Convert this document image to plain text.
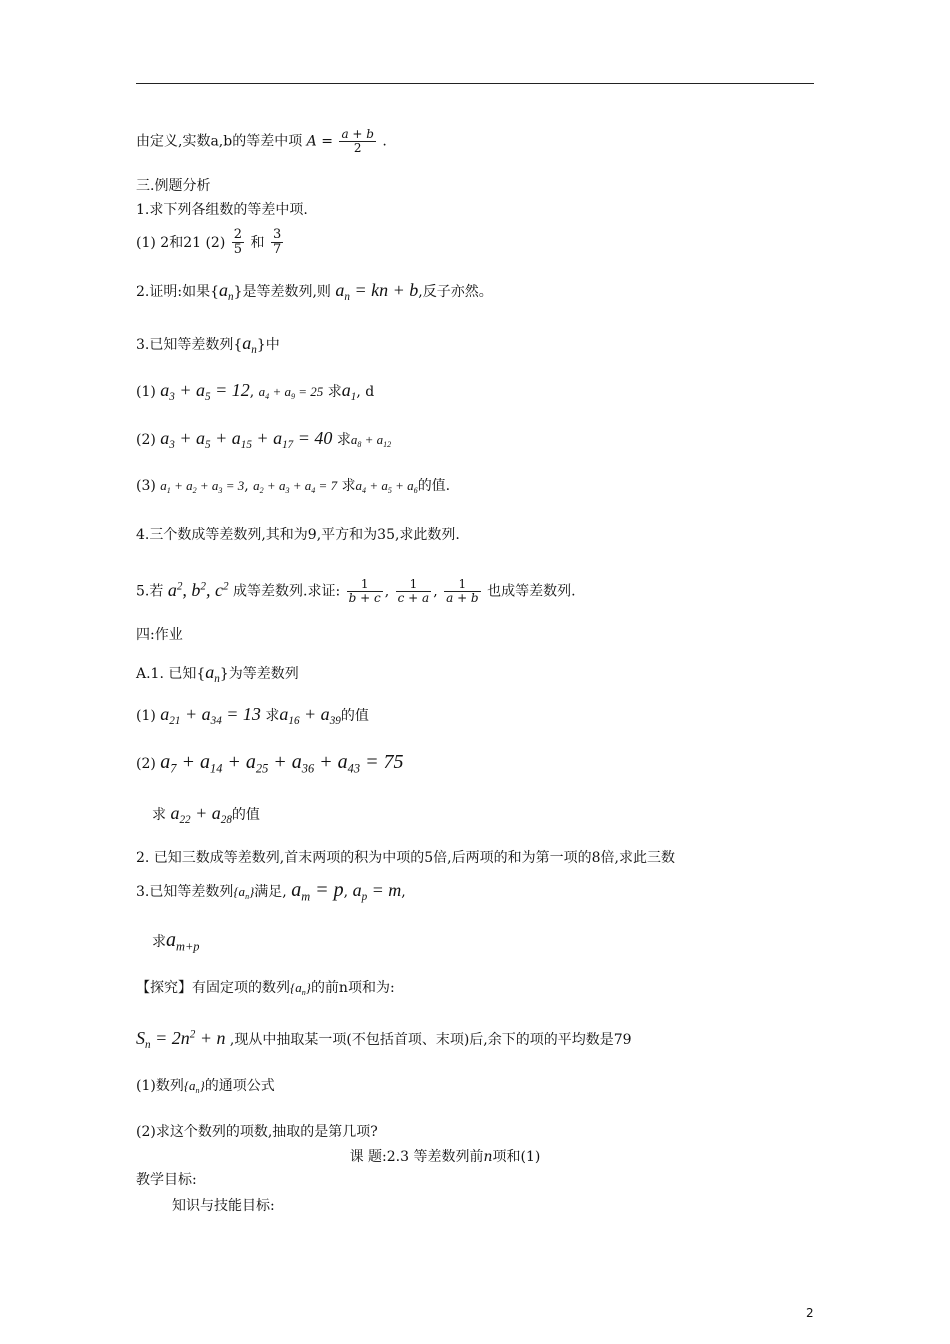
由定义,实数a,b的等差中项 $A = \frac{a + b}{2}$ .
三.例题分析
1.求下列各组数的等差中项.
(1) 2和21 $(2) \frac{2}{5}$ 和 $\frac{3}{7}$
2.证明:如果$\{a_n\}$是等差数列,则 $a_n$ = kn + b,反子亦然。
3.已知等差数列$\{a_n\}$中
(1) $a_3 + a_5 = 12$, $a_4 + a_9 = 25$ 求$a_1$, d
(2) $a_3 + a_5 + a_{15} + a_{17} = 40$ 求$a_8 + a_{12}$
(3) $a_1 + a_2 + a_3 = 3$, $a_2 + a_3 + a_4 = 7$ 求$a_4 + a_5 + a_6$的值.
4.三个数成等差数列,其和为9,平方和为35,求此数列.
5.若 $a^2$, $b^2$, $c^2$ 成等差数列.求证: $\frac{1}{b + c}$ , $\frac{1}{c + a}$ , $\frac{1}{a + b}$ 也成等差数列.
四:作业
A.1. 已知$\{a_n\}$为等差数列
(1) $a_{21} + a_{34} = 13$ 求$a_{16} + a_{39}$的值
(2) $a_7 + a_{14} + a_{25} + a_{36} + a_{43} = 75$
求 $a_{22} + a_{28}$的值
2. 已知三数成等差数列,首末两项的积为中项的5倍,后两项的和为第一项的8倍,求此三数
3.已知等差数列$\{a_n\}$满足, $a_m = p$, $a_p = m$,
求$a_{m+p}$
【探究】有固定项的数列$\{a_n\}$的前n项和为:
$S_n = 2n^2 + n$ ,现从中抽取某一项(不包括首项、末项)后,余下的项的平均数是79
(1)数列$\{a_n\}$的通项公式
(2)求这个数列的项数,抽取的是第几项?
课 题:2.3 等差数列前n项和(1)
教学目标:
知识与技能目标:
2
